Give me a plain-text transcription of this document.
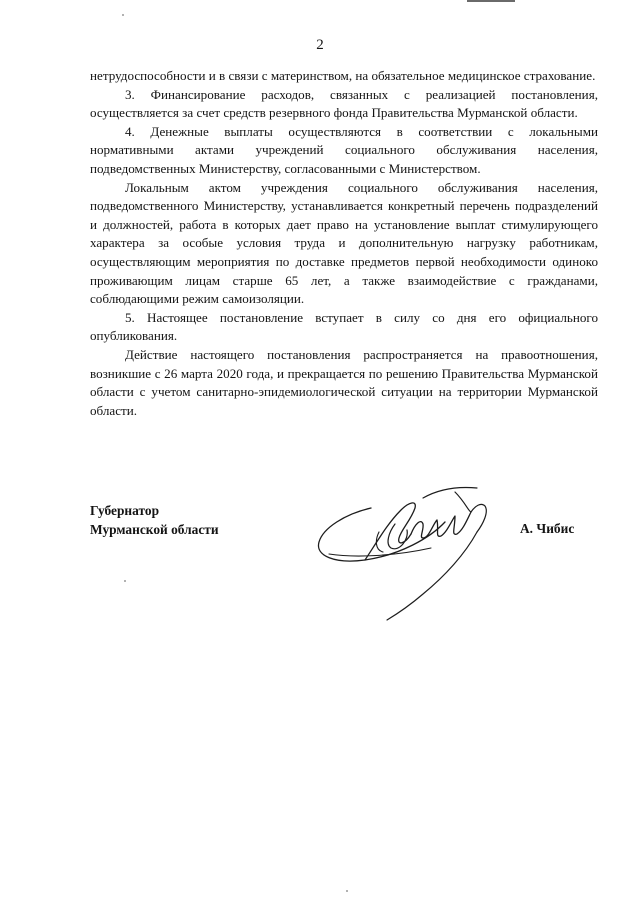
2

нетрудоспособности и в связи с материнством, на обязательное медицинское страхование.

3. Финансирование расходов, связанных с реализацией постановления, осуществляется за счет средств резервного фонда Правительства Мурманской области.

4. Денежные выплаты осуществляются в соответствии с локальными нормативными актами учреждений социального обслуживания населения, подведомственных Министерству, согласованными с Министерством.

Локальным актом учреждения социального обслуживания населения, подведомственного Министерству, устанавливается конкретный перечень подразделений и должностей, работа в которых дает право на установление выплат стимулирующего характера за особые условия труда и дополнительную нагрузку работникам, осуществляющим мероприятия по доставке предметов первой необходимости одиноко проживающим лицам старше 65 лет, а также взаимодействие с гражданами, соблюдающими режим самоизоляции.

5. Настоящее постановление вступает в силу со дня его официального опубликования.

Действие настоящего постановления распространяется на правоотношения, возникшие с 26 марта 2020 года, и прекращается по решению Правительства Мурманской области с учетом санитарно-эпидемиологической ситуации на территории Мурманской области.

Губернатор
Мурманской области	А. Чибис
